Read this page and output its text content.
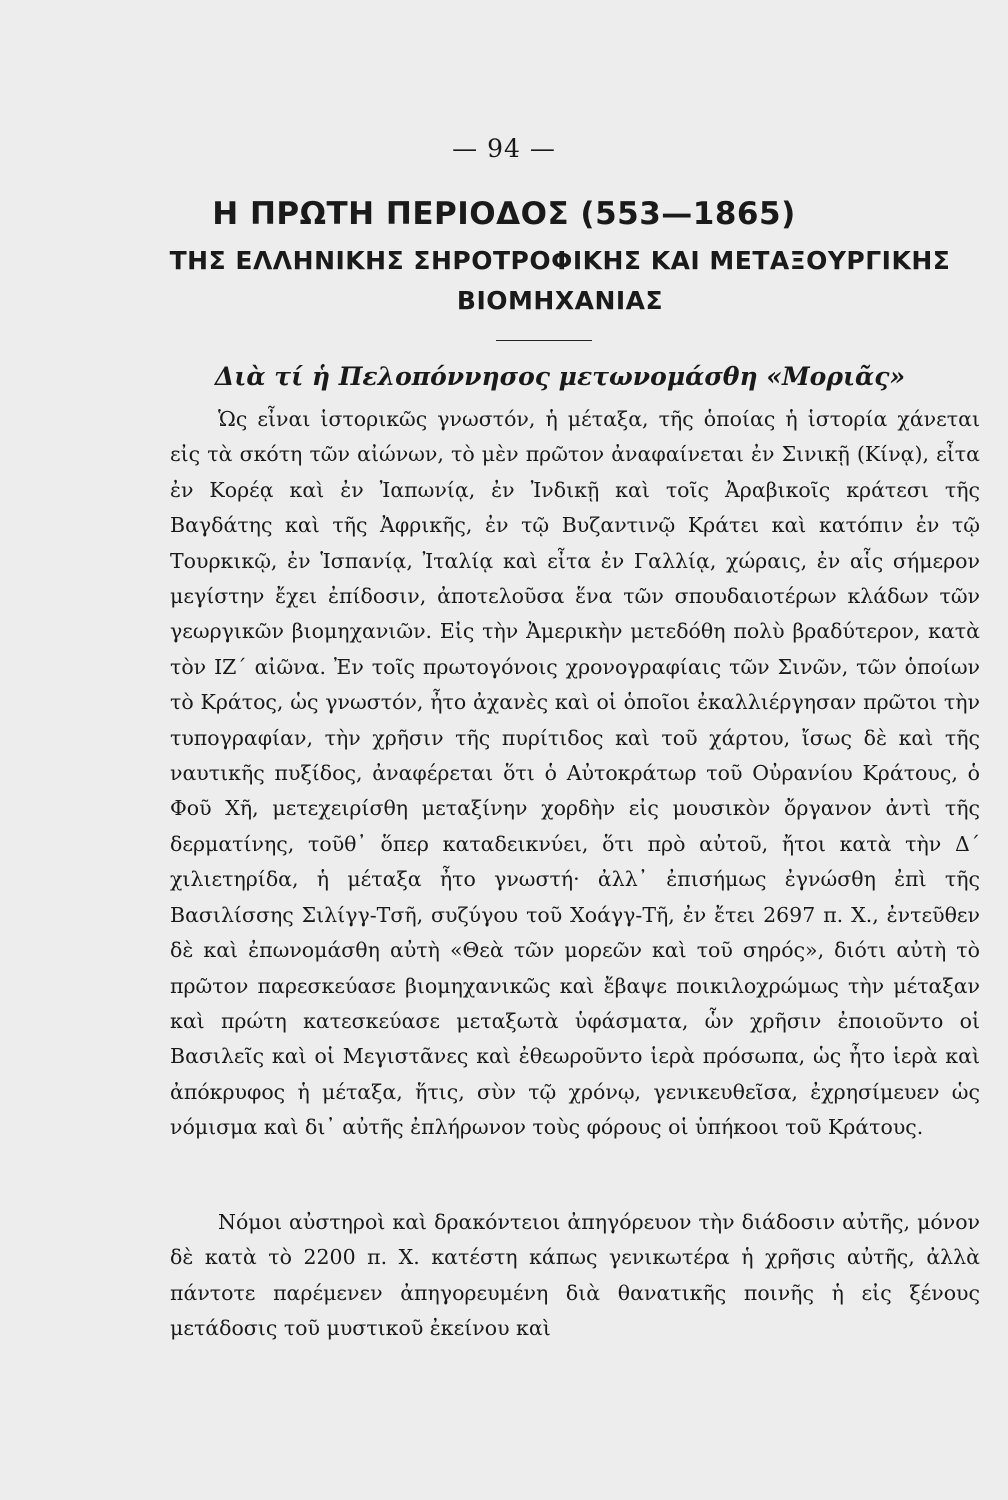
— 94 —
Η ΠΡΩΤΗ ΠΕΡΙΟΔΟΣ (553—1865)
ΤΗΣ ΕΛΛΗΝΙΚΗΣ ΣΗΡΟΤΡΟΦΙΚΗΣ ΚΑΙ ΜΕΤΑΞΟΥΡΓΙΚΗΣ
ΒΙΟΜΗΧΑΝΙΑΣ
Διὰ τί ἡ Πελοπόννησος μετωνομάσθη «Μοριᾶς»
Ὡς εἶναι ἱστορικῶς γνωστόν, ἡ μέταξα, τῆς ὁποίας ἡ ἱστορία χάνεται εἰς τὰ σκότη τῶν αἰώνων, τὸ μὲν πρῶτον ἀναφαίνεται ἐν Σινικῇ (Κίνᾳ), εἶτα ἐν Κορέᾳ καὶ ἐν Ἰαπωνίᾳ, ἐν Ἰνδικῇ καὶ τοῖς Ἀραβικοῖς κράτεσι τῆς Βαγδάτης καὶ τῆς Ἀφρικῆς, ἐν τῷ Βυζαντινῷ Κράτει καὶ κατόπιν ἐν τῷ Τουρκικῷ, ἐν Ἱσπανίᾳ, Ἰταλίᾳ καὶ εἶτα ἐν Γαλλίᾳ, χώραις, ἐν αἷς σήμερον μεγίστην ἔχει ἐπίδοσιν, ἀποτελοῦσα ἕνα τῶν σπουδαιοτέρων κλάδων τῶν γεωργικῶν βιομηχανιῶν. Εἰς τὴν Ἀμερικὴν μετεδόθη πολὺ βραδύτερον, κατὰ τὸν ΙΖ΄ αἰῶνα. Ἐν τοῖς πρωτογόνοις χρονογραφίαις τῶν Σινῶν, τῶν ὁποίων τὸ Κράτος, ὡς γνωστόν, ἦτο ἀχανὲς καὶ οἱ ὁποῖοι ἐκαλλιέργησαν πρῶτοι τὴν τυπογραφίαν, τὴν χρῆσιν τῆς πυρίτιδος καὶ τοῦ χάρτου, ἴσως δὲ καὶ τῆς ναυτικῆς πυξίδος, ἀναφέρεται ὅτι ὁ Αὐτοκράτωρ τοῦ Οὐρανίου Κράτους, ὁ Φοῦ Χῆ, μετεχειρίσθη μεταξίνην χορδὴν εἰς μουσικὸν ὄργανον ἀντὶ τῆς δερματίνης, τοῦθ᾽ ὅπερ καταδεικνύει, ὅτι πρὸ αὐτοῦ, ἤτοι κατὰ τὴν Δ΄ χιλιετηρίδα, ἡ μέταξα ἦτο γνωστή· ἀλλ᾽ ἐπισήμως ἐγνώσθη ἐπὶ τῆς Βασιλίσσης Σιλίγγ-Τσῆ, συζύγου τοῦ Χοάγγ-Τῆ, ἐν ἔτει 2697 π. Χ., ἐντεῦθεν δὲ καὶ ἐπωνομάσθη αὐτὴ «Θεὰ τῶν μορεῶν καὶ τοῦ σηρός», διότι αὐτὴ τὸ πρῶτον παρεσκεύασε βιομηχανικῶς καὶ ἔβαψε ποικιλοχρώμως τὴν μέταξαν καὶ πρώτη κατεσκεύασε μεταξωτὰ ὑφάσματα, ὧν χρῆσιν ἐποιοῦντο οἱ Βασιλεῖς καὶ οἱ Μεγιστᾶνες καὶ ἐθεωροῦντο ἱερὰ πρόσωπα, ὡς ἦτο ἱερὰ καὶ ἀπόκρυφος ἡ μέταξα, ἥτις, σὺν τῷ χρόνῳ, γενικευθεῖσα, ἐχρησίμευεν ὡς νόμισμα καὶ δι᾽ αὐτῆς ἐπλήρωνον τοὺς φόρους οἱ ὑπήκοοι τοῦ Κράτους.
Νόμοι αὐστηροὶ καὶ δρακόντειοι ἀπηγόρευον τὴν διάδοσιν αὐτῆς, μόνον δὲ κατὰ τὸ 2200 π. Χ. κατέστη κάπως γενικωτέρα ἡ χρῆσις αὐτῆς, ἀλλὰ πάντοτε παρέμενεν ἀπηγορευμένη διὰ θανατικῆς ποινῆς ἡ εἰς ξένους μετάδοσις τοῦ μυστικοῦ ἐκείνου καὶ
